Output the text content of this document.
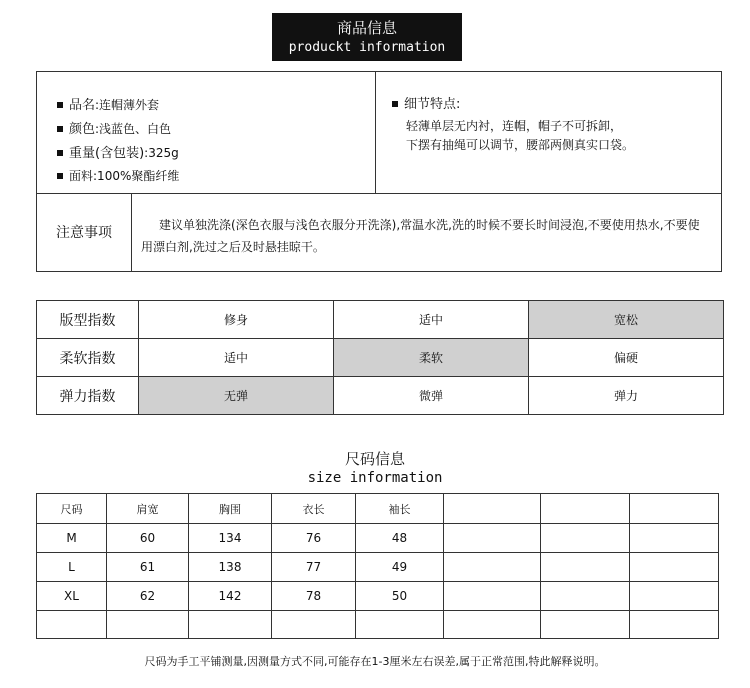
商品信息
produckt information
品名:连帽薄外套
颜色:浅蓝色、白色
重量(含包装):325g
面料:100%聚酯纤维
细节特点:
轻薄单层无内衬，连帽，帽子不可拆卸，
下摆有抽绳可以调节，腰部两侧真实口袋。
注意事项	建议单独洗涤(深色衣服与浅色衣服分开洗涤),常温水洗,洗的时候不要长时间浸泡,不要使用热水,不要使用漂白剂,洗过之后及时悬挂晾干。
版型指数	修身	适中	宽松
柔软指数	适中	柔软	偏硬
弹力指数	无弹	微弹	弹力
尺码信息
size information
尺码	肩宽	胸围	衣长	袖长			
M	60	134	76	48			
L	61	138	77	49			
XL	62	142	78	50			

尺码为手工平铺测量,因测量方式不同,可能存在1-3厘米左右误差,属于正常范围,特此解释说明。
